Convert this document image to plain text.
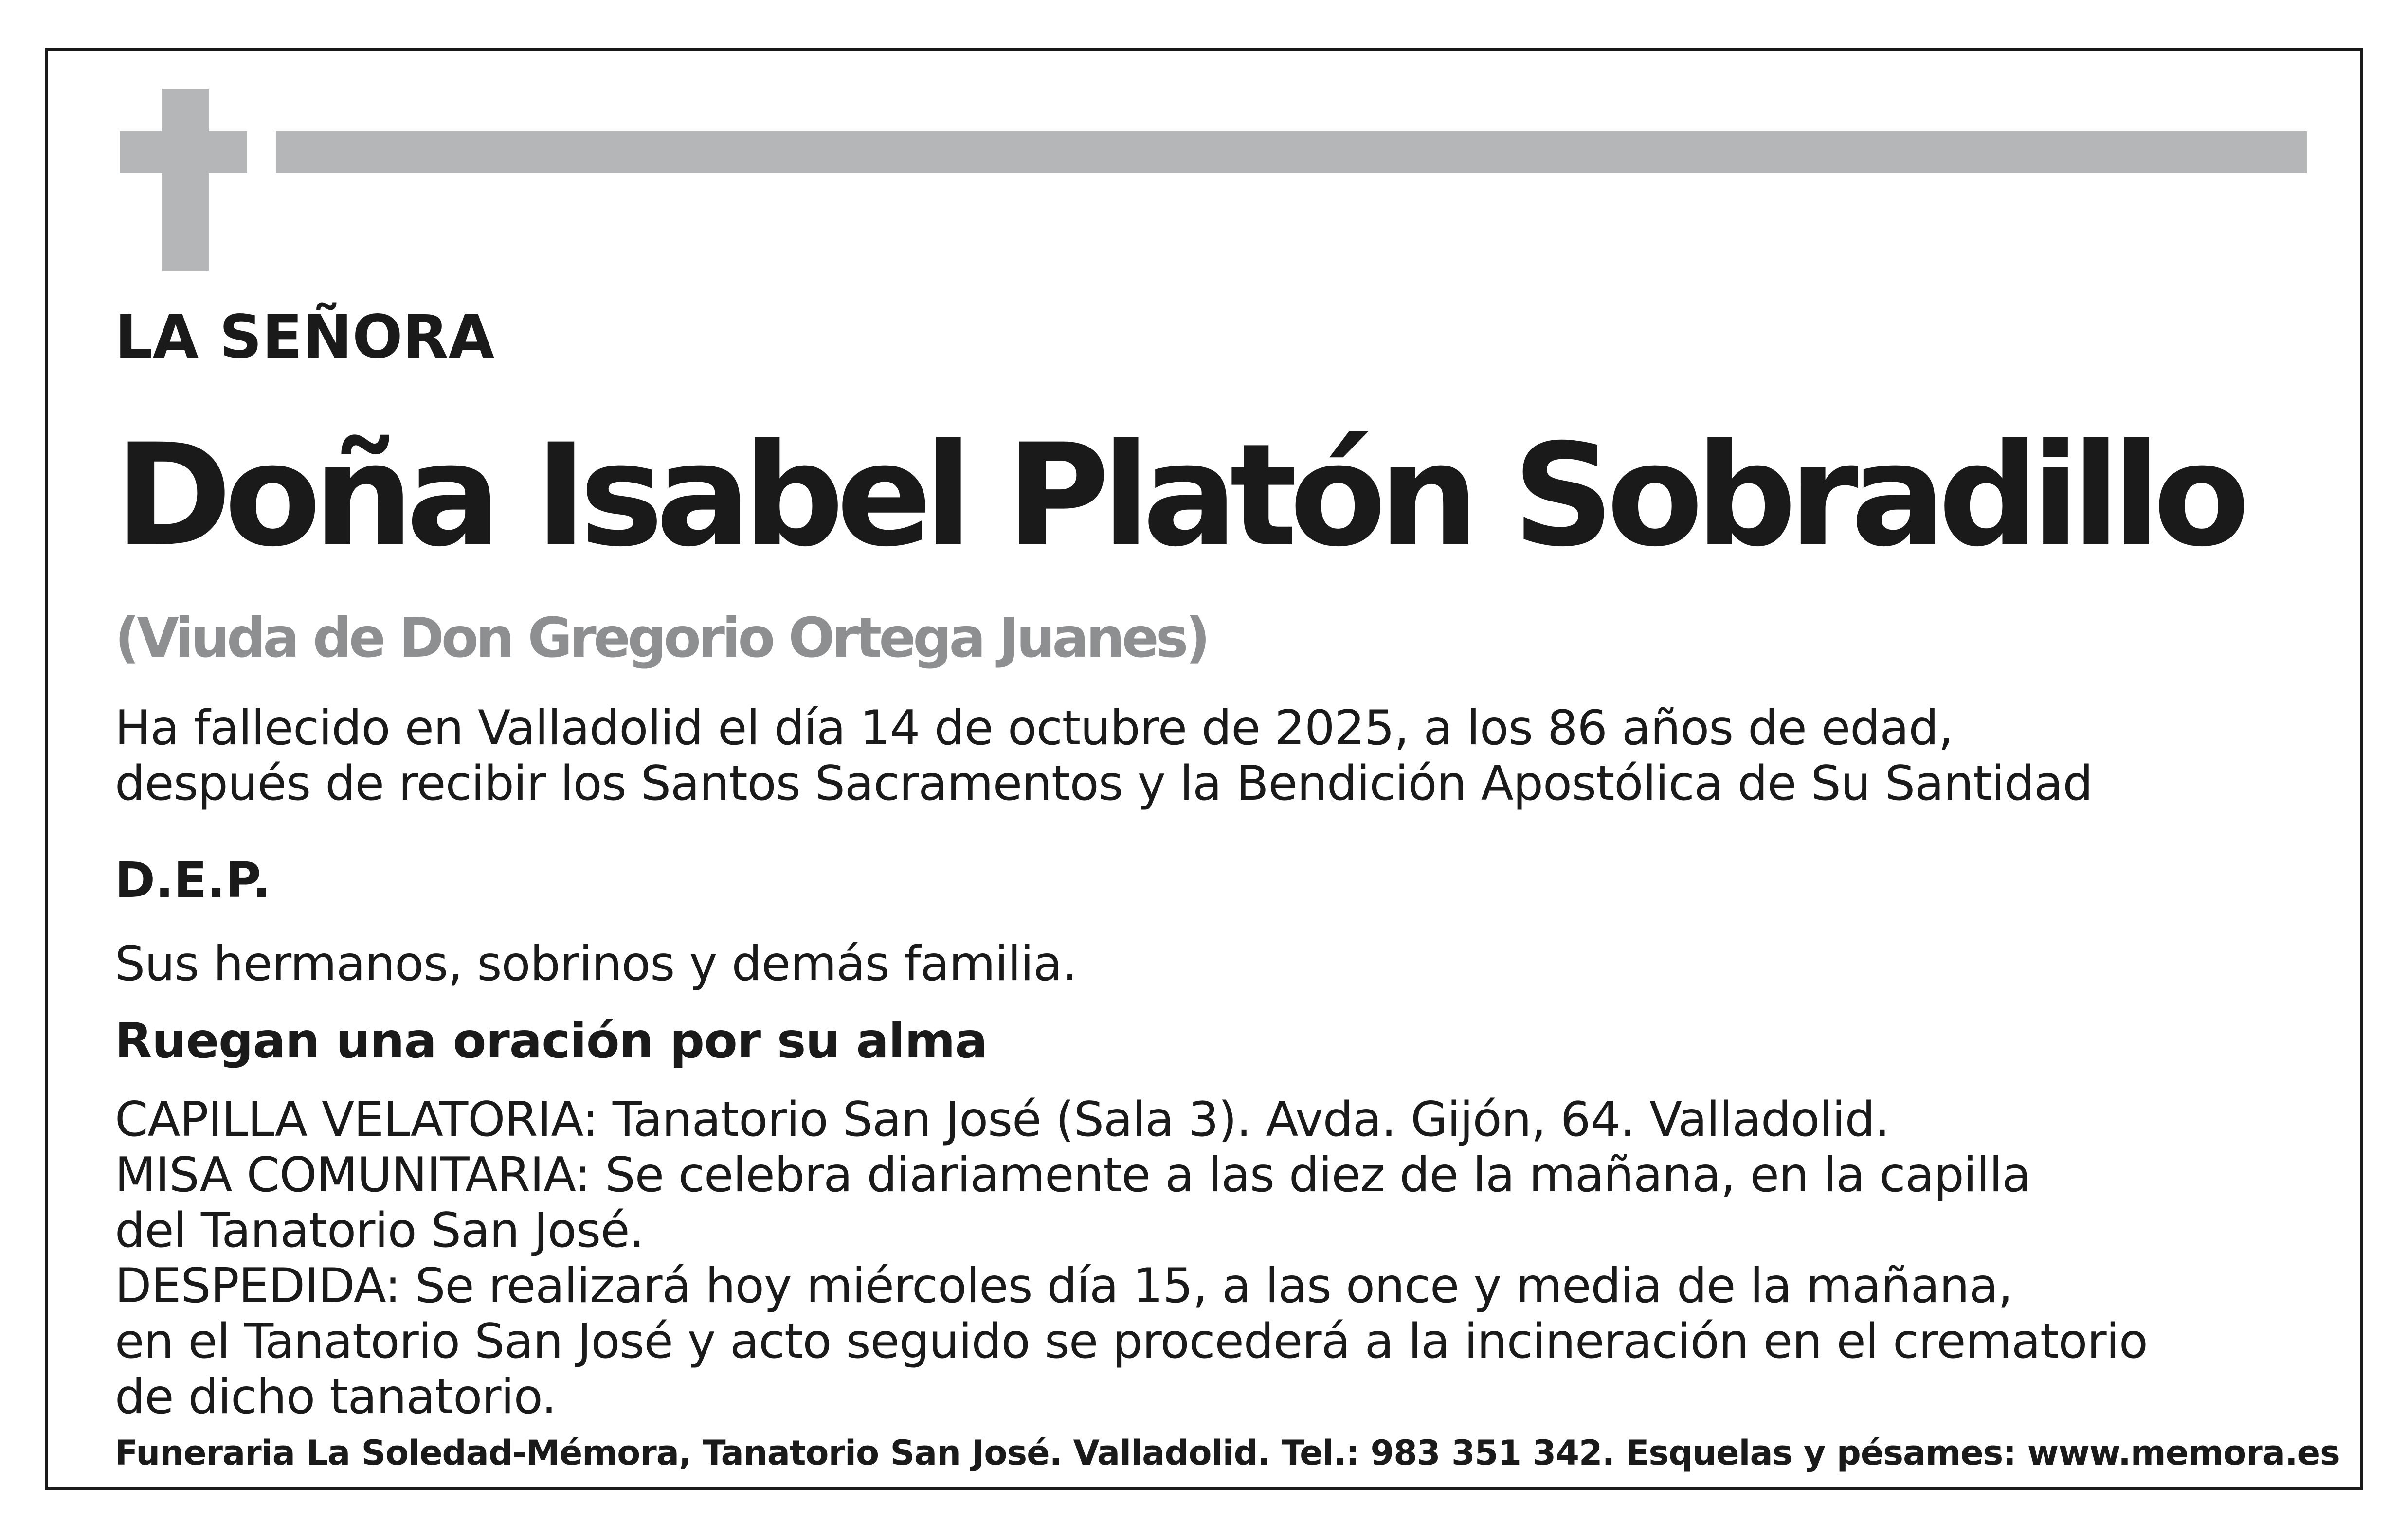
LA SEÑORA
Doña Isabel Platón Sobradillo

(Viuda de Don Gregorio Ortega Juanes)

Ha fallecido en Valladolid el día 14 de octubre de 2025, a los 86 años de edad,
después de recibir los Santos Sacramentos y la Bendición Apostólica de Su Santidad

D.E.P.

Sus hermanos, sobrinos y demás familia.

Ruegan una oración por su alma

CAPILLA VELATORIA: Tanatorio San José (Sala 3). Avda. Gijón, 64. Valladolid.
MISA COMUNITARIA: Se celebra diariamente a las diez de la mañana, en la capilla
del Tanatorio San José.
DESPEDIDA: Se realizará hoy miércoles día 15, a las once y media de la mañana,
en el Tanatorio San José y acto seguido se procederá a la incineración en el crematorio
de dicho tanatorio.

Funeraria La Soledad-Mémora, Tanatorio San José. Valladolid. Tel.: 983 351 342. Esquelas y pésames: www.memora.es
